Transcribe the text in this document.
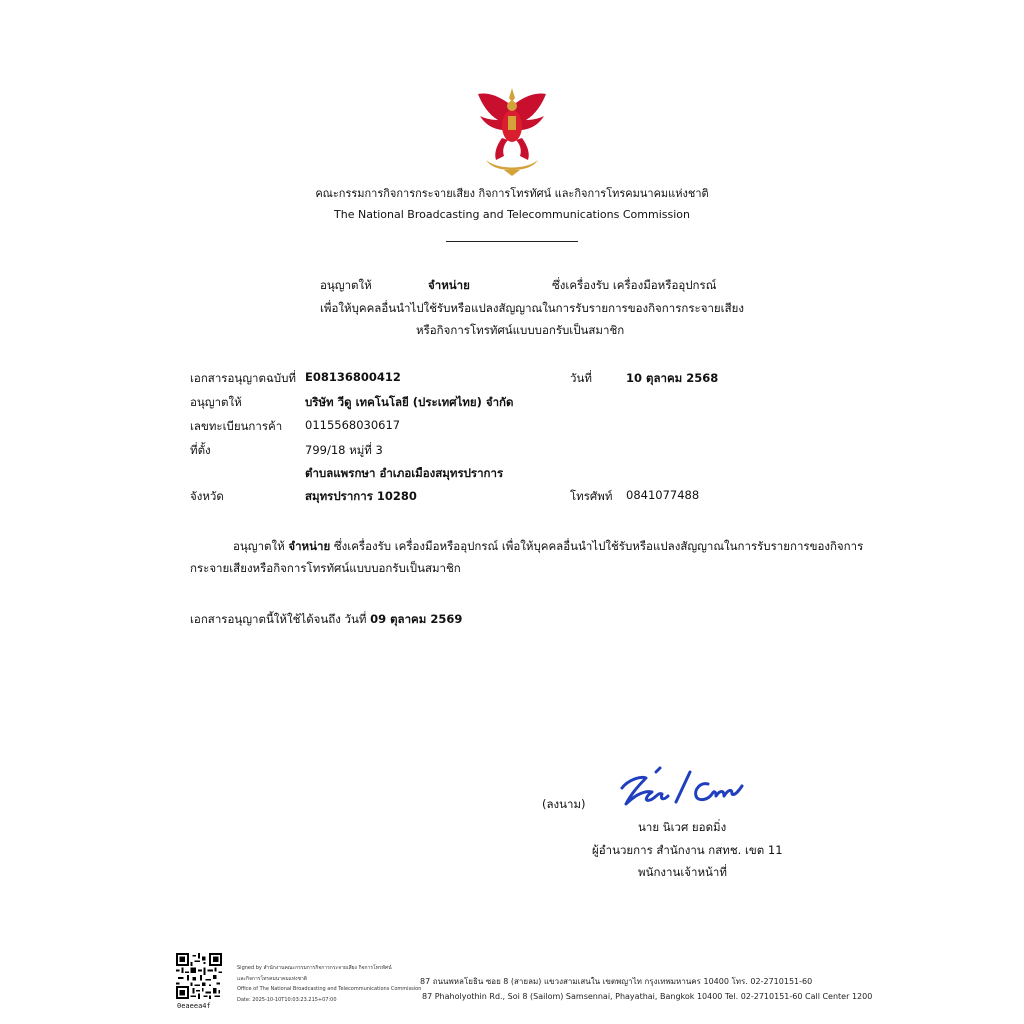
คณะกรรมการกิจการกระจายเสียง กิจการโทรทัศน์ และกิจการโทรคมนาคมแห่งชาติ
The National Broadcasting and Telecommunications Commission
อนุญาตให้	จำหน่าย	ซึ่งเครื่องรับ เครื่องมือหรืออุปกรณ์
เพื่อให้บุคคลอื่นนำไปใช้รับหรือแปลงสัญญาณในการรับรายการของกิจการกระจายเสียง
หรือกิจการโทรทัศน์แบบบอกรับเป็นสมาชิก
เอกสารอนุญาตฉบับที่ E08136800412	วันที่	10 ตุลาคม 2568
อนุญาตให้	บริษัท วีดู เทคโนโลยี (ประเทศไทย) จำกัด
เลขทะเบียนการค้า 0115568030617
ที่ตั้ง	799/18 หมู่ที่ 3
ตำบลแพรกษา อำเภอเมืองสมุทรปราการ
จังหวัด	สมุทรปราการ 10280	โทรศัพท์ 0841077488
อนุญาตให้ จำหน่าย ซึ่งเครื่องรับ เครื่องมือหรืออุปกรณ์ เพื่อให้บุคคลอื่นนำไปใช้รับหรือแปลงสัญญาณในการรับรายการของกิจการ
กระจายเสียงหรือกิจการโทรทัศน์แบบบอกรับเป็นสมาชิก
เอกสารอนุญาตนี้ให้ใช้ได้จนถึง วันที่ 09 ตุลาคม 2569
(ลงนาม)
นาย นิเวศ ยอดมิ่ง
ผู้อำนวยการ สำนักงาน กสทช. เขต 11
พนักงานเจ้าหน้าที่
0eaeea4f
Signed by สำนักงานคณะกรรมการกิจการกระจายเสียง กิจการโทรทัศน์
และกิจการโทรคมนาคมแห่งชาติ
Office of The National Broadcasting and Telecommunications Commission
Date: 2025-10-10T10:03:23.215+07:00
87 ถนนพหลโยธิน ซอย 8 (สายลม) แขวงสามเสนใน เขตพญาไท กรุงเทพมหานคร 10400 โทร. 02-2710151-60
87 Phaholyothin Rd., Soi 8 (Sailom) Samsennai, Phayathai, Bangkok 10400 Tel. 02-2710151-60 Call Center 1200
